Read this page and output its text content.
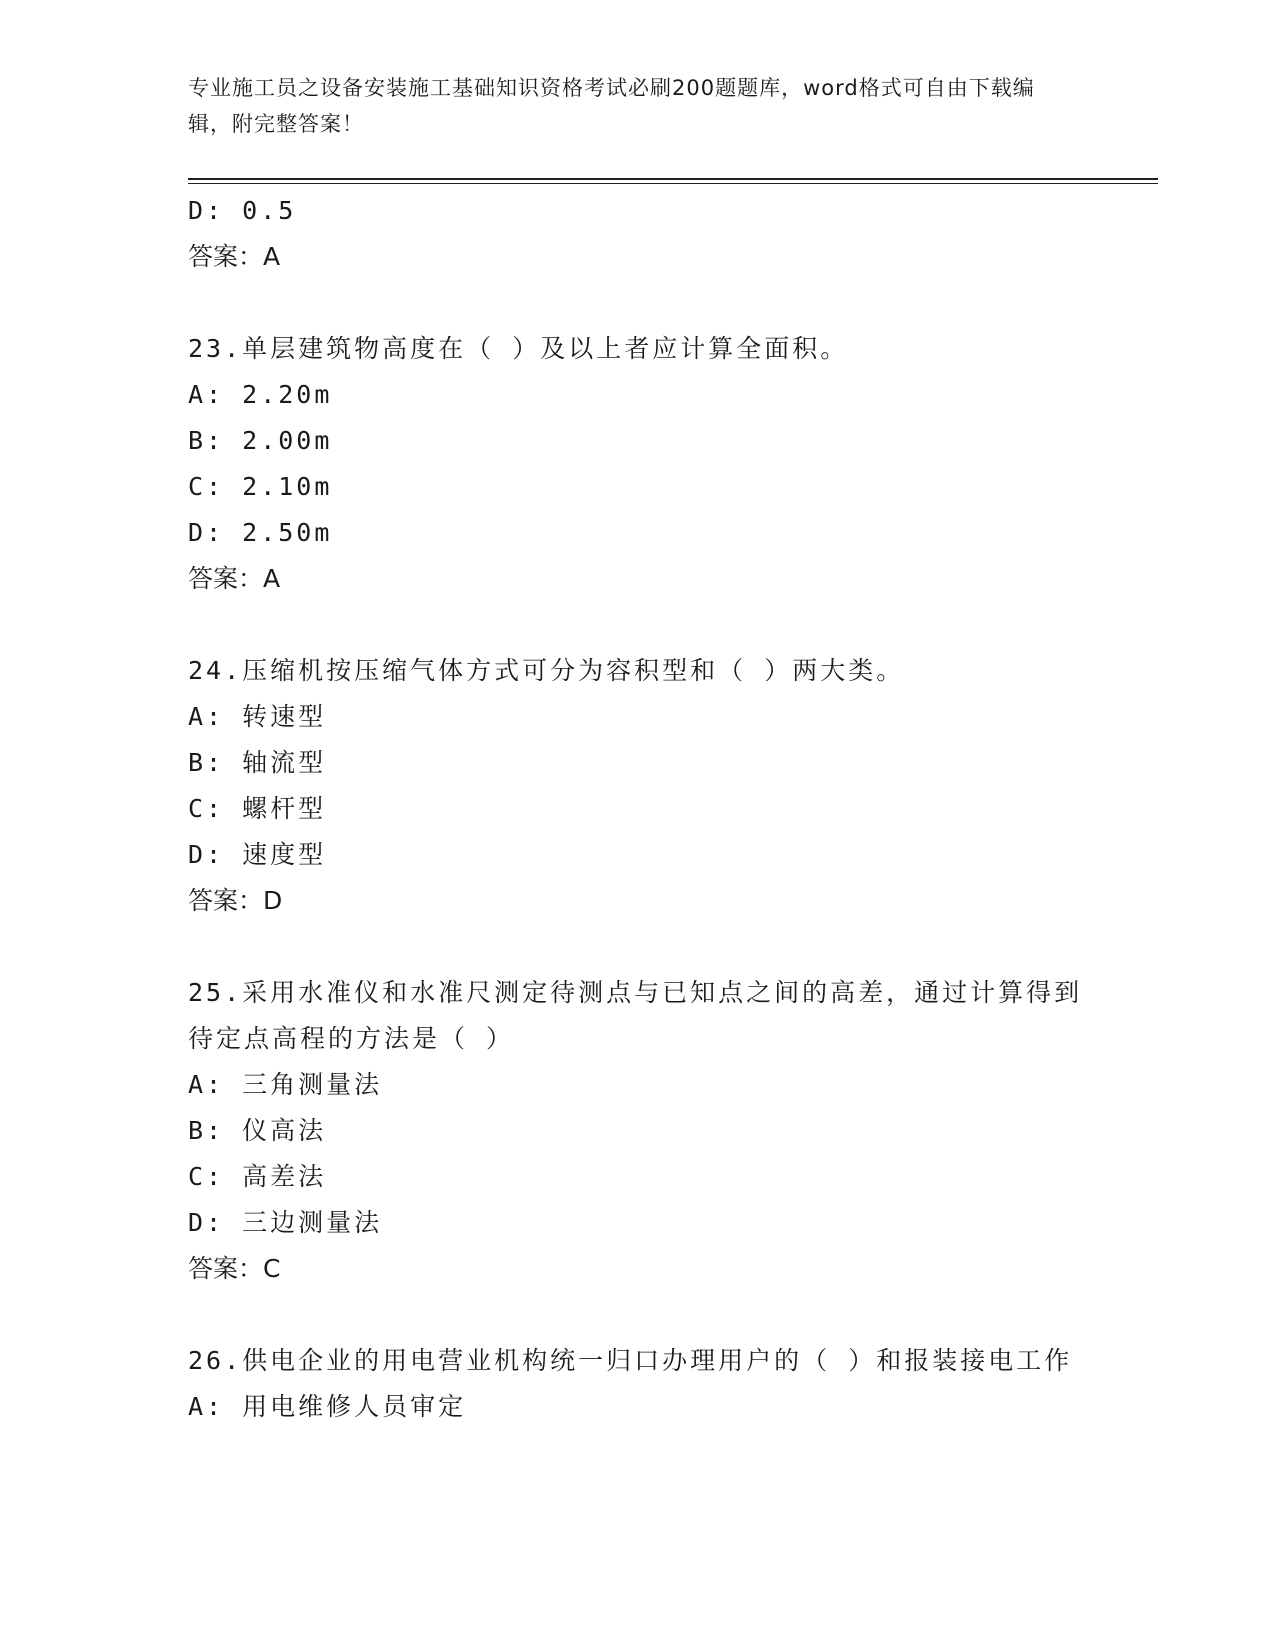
专业施工员之设备安装施工基础知识资格考试必刷200题题库，word格式可自由下载编辑，附完整答案！
D: 0.5
答案：A
23.单层建筑物高度在（ ）及以上者应计算全面积。
A: 2.20m
B: 2.00m
C: 2.10m
D: 2.50m
答案：A
24.压缩机按压缩气体方式可分为容积型和（ ）两大类。
A: 转速型
B: 轴流型
C: 螺杆型
D: 速度型
答案：D
25.采用水准仪和水准尺测定待测点与已知点之间的高差，通过计算得到待定点高程的方法是（ ）
A: 三角测量法
B: 仪高法
C: 高差法
D: 三边测量法
答案：C
26.供电企业的用电营业机构统一归口办理用户的（ ）和报装接电工作
A: 用电维修人员审定
